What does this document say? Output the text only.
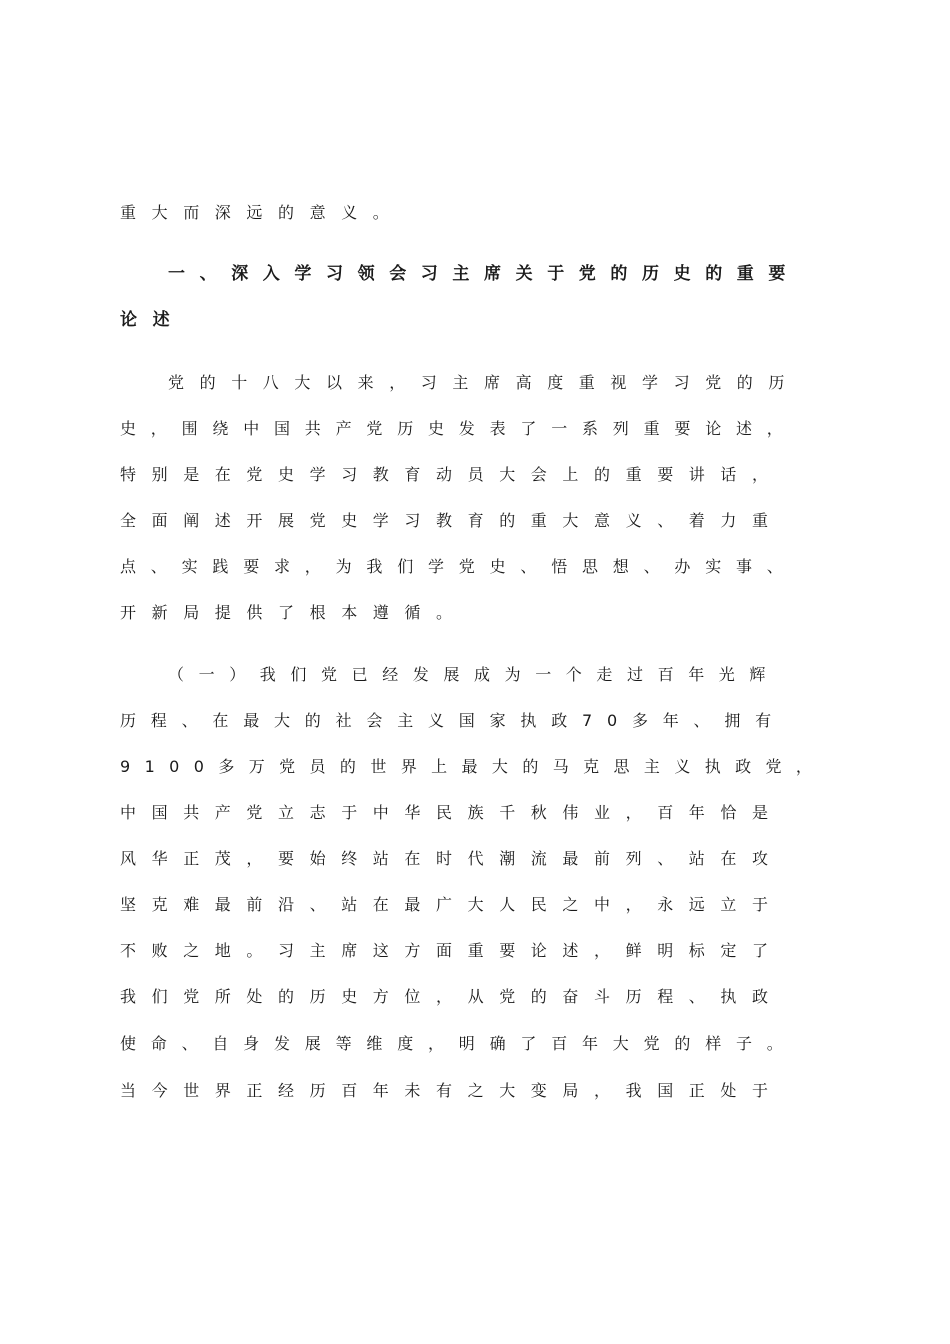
重大而深远的意义。
一、深入学习领会习主席关于党的历史的重要
论述
党的十八大以来，习主席高度重视学习党的历
史，围绕中国共产党历史发表了一系列重要论述，
特别是在党史学习教育动员大会上的重要讲话，
全面阐述开展党史学习教育的重大意义、着力重
点、实践要求，为我们学党史、悟思想、办实事、
开新局提供了根本遵循。
（一）我们党已经发展成为一个走过百年光辉
历程、在最大的社会主义国家执政70多年、拥有
9100多万党员的世界上最大的马克思主义执政党，
中国共产党立志于中华民族千秋伟业，百年恰是
风华正茂，要始终站在时代潮流最前列、站在攻
坚克难最前沿、站在最广大人民之中，永远立于
不败之地。习主席这方面重要论述，鲜明标定了
我们党所处的历史方位，从党的奋斗历程、执政
使命、自身发展等维度，明确了百年大党的样子。
当今世界正经历百年未有之大变局，我国正处于
